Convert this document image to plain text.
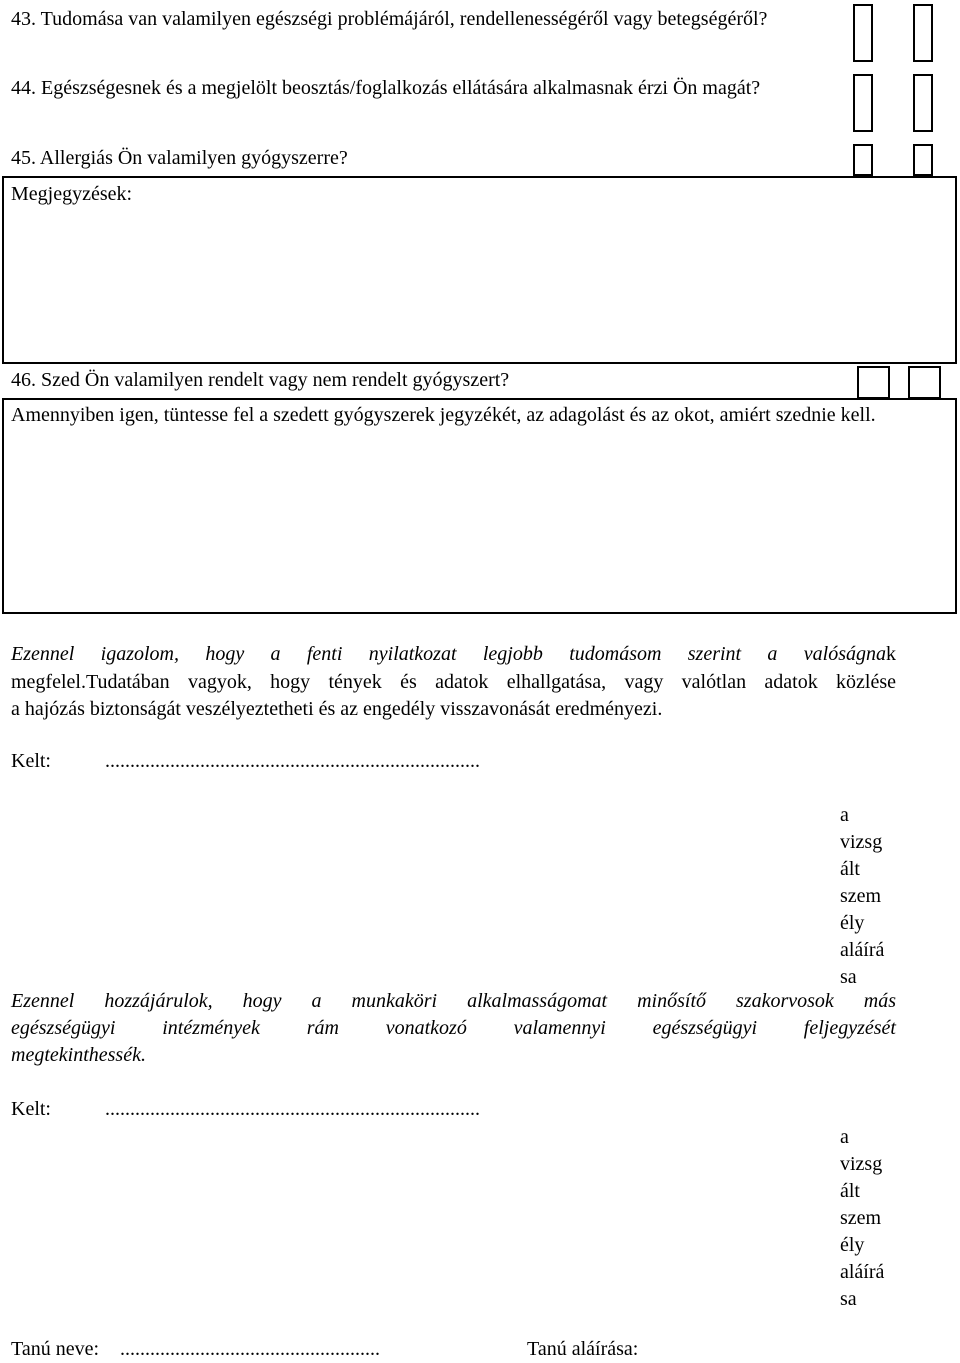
43. Tudomása van valamilyen egészségi problémájáról, rendellenességéről vagy betegségéről?
44. Egészségesnek és a megjelölt beosztás/foglalkozás ellátására alkalmasnak érzi Ön magát?
45. Allergiás Ön valamilyen gyógyszerre?
Megjegyzések:
46. Szed Ön valamilyen rendelt vagy nem rendelt gyógyszert?
Amennyiben igen, tüntesse fel a szedett gyógyszerek jegyzékét, az adagolást és az okot, amiért szednie kell.
Ezennel igazolom, hogy a fenti nyilatkozat legjobb tudomásom szerint a valóságnak
megfelel.Tudatában vagyok, hogy tények és adatok elhallgatása, vagy valótlan adatok közlése
a hajózás biztonságát veszélyeztetheti és az engedély visszavonását eredményezi.
Kelt:	...........................................................................
a
vizsg
ált
szem
ély
aláírá
sa
Ezennel hozzájárulok, hogy a munkaköri alkalmasságomat minősítő szakorvosok más
egészségügyi intézmények rám vonatkozó valamennyi egészségügyi feljegyzését
megtekinthessék.
Kelt:	...........................................................................
a
vizsg
ált
szem
ély
aláírá
sa
Tanú neve: ....................................................	Tanú aláírása:
